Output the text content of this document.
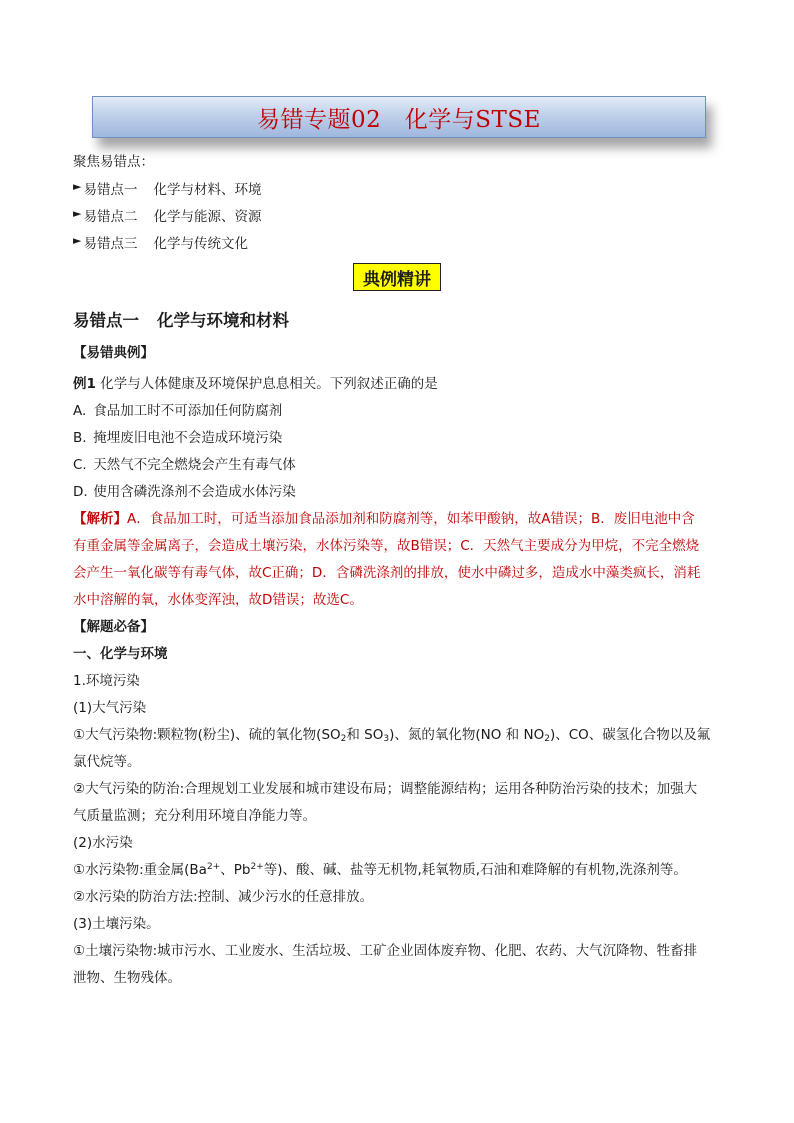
易错专题02　化学与STSE
聚焦易错点：
► 易错点一	化学与材料、环境
► 易错点二	化学与能源、资源
► 易错点三	化学与传统文化
典例精讲
易错点一 化学与环境和材料
【易错典例】
例1 化学与人体健康及环境保护息息相关。下列叙述正确的是
A. 食品加工时不可添加任何防腐剂
B. 掩埋废旧电池不会造成环境污染
C. 天然气不完全燃烧会产生有毒气体
D. 使用含磷洗涤剂不会造成水体污染
【解析】A．食品加工时，可适当添加食品添加剂和防腐剂等，如苯甲酸钠，故A错误；B．废旧电池中含
有重金属等金属离子，会造成土壤污染，水体污染等，故B错误；C．天然气主要成分为甲烷，不完全燃烧
会产生一氧化碳等有毒气体，故C正确；D．含磷洗涤剂的排放，使水中磷过多，造成水中藻类疯长，消耗
水中溶解的氧，水体变浑浊，故D错误；故选C。
【解题必备】
一、化学与环境
1.环境污染
(1)大气污染
①大气污染物:颗粒物(粉尘)、硫的氧化物($SO_2$和 $SO_3$)、氮的氧化物(NO 和 $NO_2$)、CO、碳氢化合物以及氟
氯代烷等。
②大气污染的防治:合理规划工业发展和城市建设布局；调整能源结构；运用各种防治污染的技术；加强大
气质量监测；充分利用环境自净能力等。
(2)水污染
①水污染物:重金属($Ba^{2+}$、$Pb^{2+}$等)、酸、碱、盐等无机物,耗氧物质,石油和难降解的有机物,洗涤剂等。
②水污染的防治方法:控制、减少污水的任意排放。
(3)土壤污染。
①土壤污染物:城市污水、工业废水、生活垃圾、工矿企业固体废弃物、化肥、农药、大气沉降物、牲畜排
泄物、生物残体。
